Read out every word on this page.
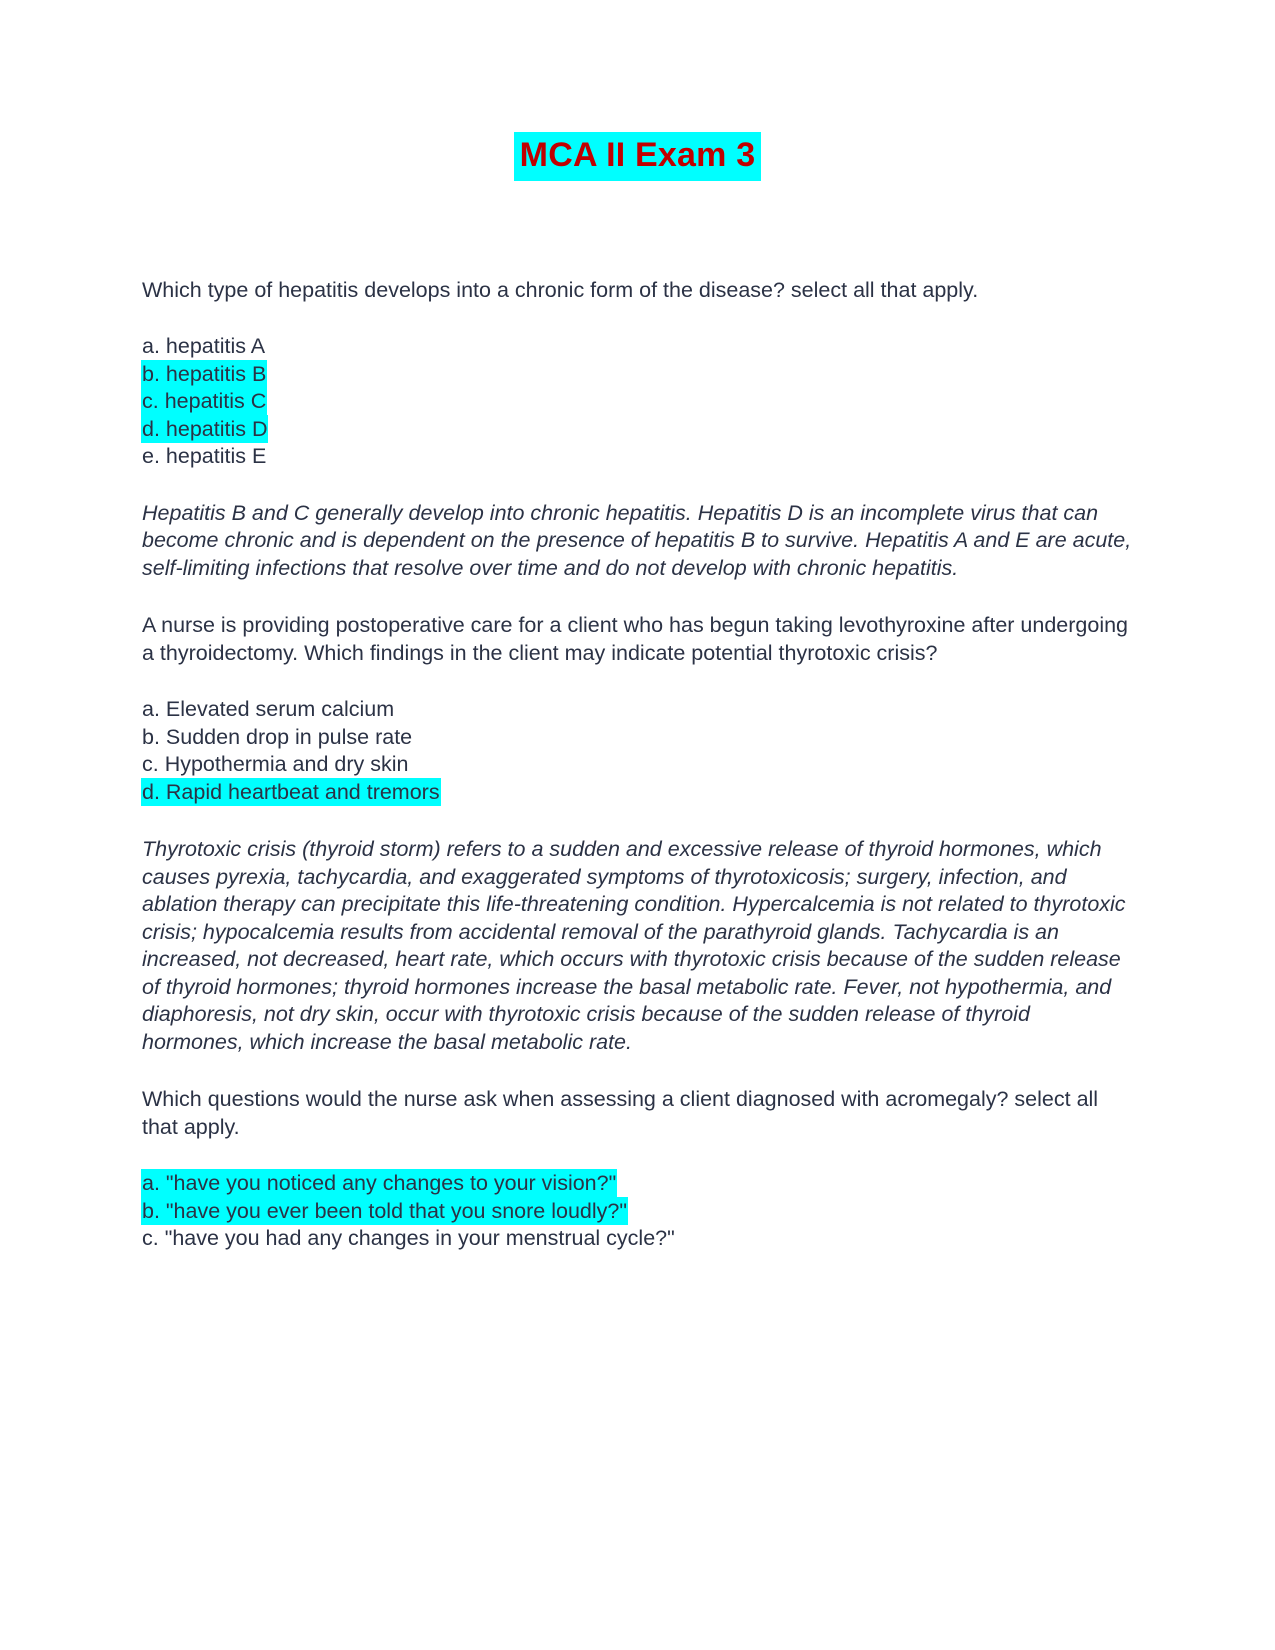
MCA II Exam 3

Which type of hepatitis develops into a chronic form of the disease? select all that apply.

a. hepatitis A
b. hepatitis B
c. hepatitis C
d. hepatitis D
e. hepatitis E

Hepatitis B and C generally develop into chronic hepatitis. Hepatitis D is an incomplete virus that can become chronic and is dependent on the presence of hepatitis B to survive. Hepatitis A and E are acute, self-limiting infections that resolve over time and do not develop with chronic hepatitis.

A nurse is providing postoperative care for a client who has begun taking levothyroxine after undergoing a thyroidectomy. Which findings in the client may indicate potential thyrotoxic crisis?

a. Elevated serum calcium
b. Sudden drop in pulse rate
c. Hypothermia and dry skin
d. Rapid heartbeat and tremors

Thyrotoxic crisis (thyroid storm) refers to a sudden and excessive release of thyroid hormones, which causes pyrexia, tachycardia, and exaggerated symptoms of thyrotoxicosis; surgery, infection, and ablation therapy can precipitate this life-threatening condition. Hypercalcemia is not related to thyrotoxic crisis; hypocalcemia results from accidental removal of the parathyroid glands. Tachycardia is an increased, not decreased, heart rate, which occurs with thyrotoxic crisis because of the sudden release of thyroid hormones; thyroid hormones increase the basal metabolic rate. Fever, not hypothermia, and diaphoresis, not dry skin, occur with thyrotoxic crisis because of the sudden release of thyroid hormones, which increase the basal metabolic rate.

Which questions would the nurse ask when assessing a client diagnosed with acromegaly? select all that apply.

a. "have you noticed any changes to your vision?"
b. "have you ever been told that you snore loudly?"
c. "have you had any changes in your menstrual cycle?"
